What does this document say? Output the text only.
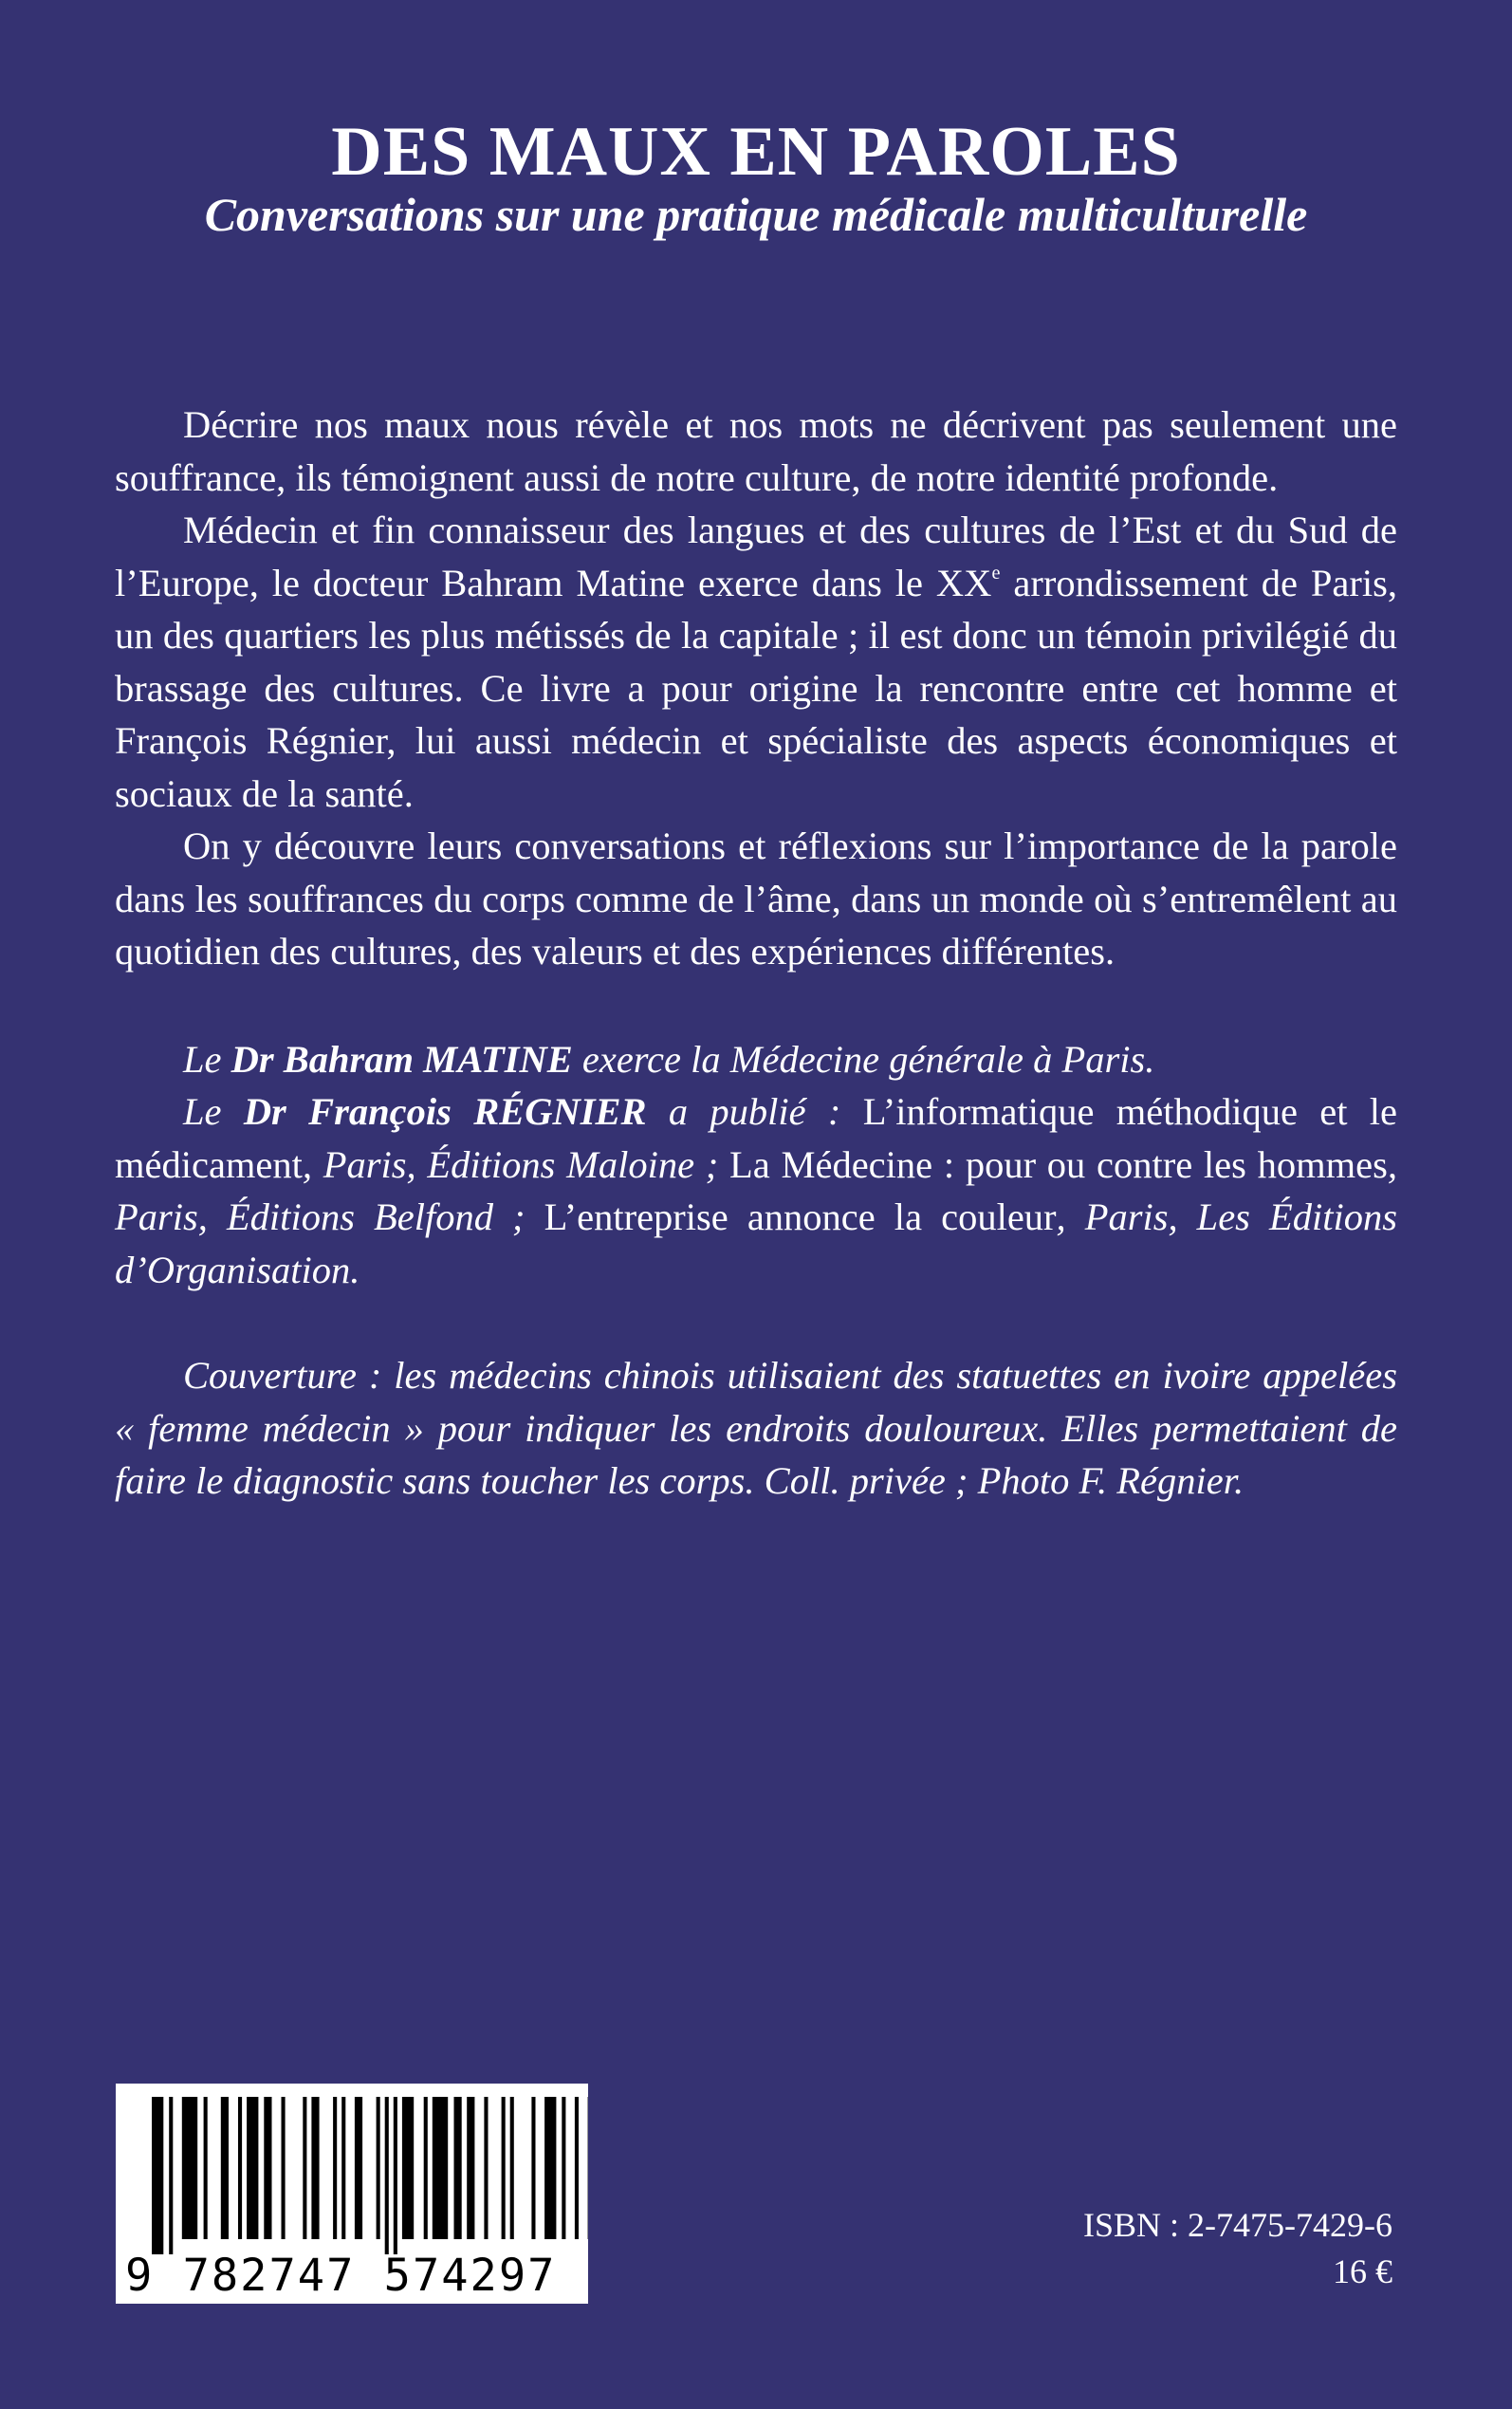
DES MAUX EN PAROLES
Conversations sur une pratique médicale multiculturelle

Décrire nos maux nous révèle et nos mots ne décrivent pas seulement une souffrance, ils témoignent aussi de notre culture, de notre identité profonde.

Médecin et fin connaisseur des langues et des cultures de l’Est et du Sud de l’Europe, le docteur Bahram Matine exerce dans le XXe arrondissement de Paris, un des quartiers les plus métissés de la capitale ; il est donc un témoin privilégié du brassage des cultures. Ce livre a pour origine la rencontre entre cet homme et François Régnier, lui aussi médecin et spécialiste des aspects économiques et sociaux de la santé.

On y découvre leurs conversations et réflexions sur l’importance de la parole dans les souffrances du corps comme de l’âme, dans un monde où s’entremêlent au quotidien des cultures, des valeurs et des expériences différentes.

Le Dr Bahram MATINE exerce la Médecine générale à Paris.

Le Dr François RÉGNIER a publié : L’informatique méthodique et le médicament, Paris, Éditions Maloine ; La Médecine : pour ou contre les hommes, Paris, Éditions Belfond ; L’entreprise annonce la couleur, Paris, Les Éditions d’Organisation.

Couverture : les médecins chinois utilisaient des statuettes en ivoire appelées « femme médecin » pour indiquer les endroits douloureux. Elles permettaient de faire le diagnostic sans toucher les corps. Coll. privée ; Photo F. Régnier.

9 782747 574297
ISBN : 2-7475-7429-6
16 €
